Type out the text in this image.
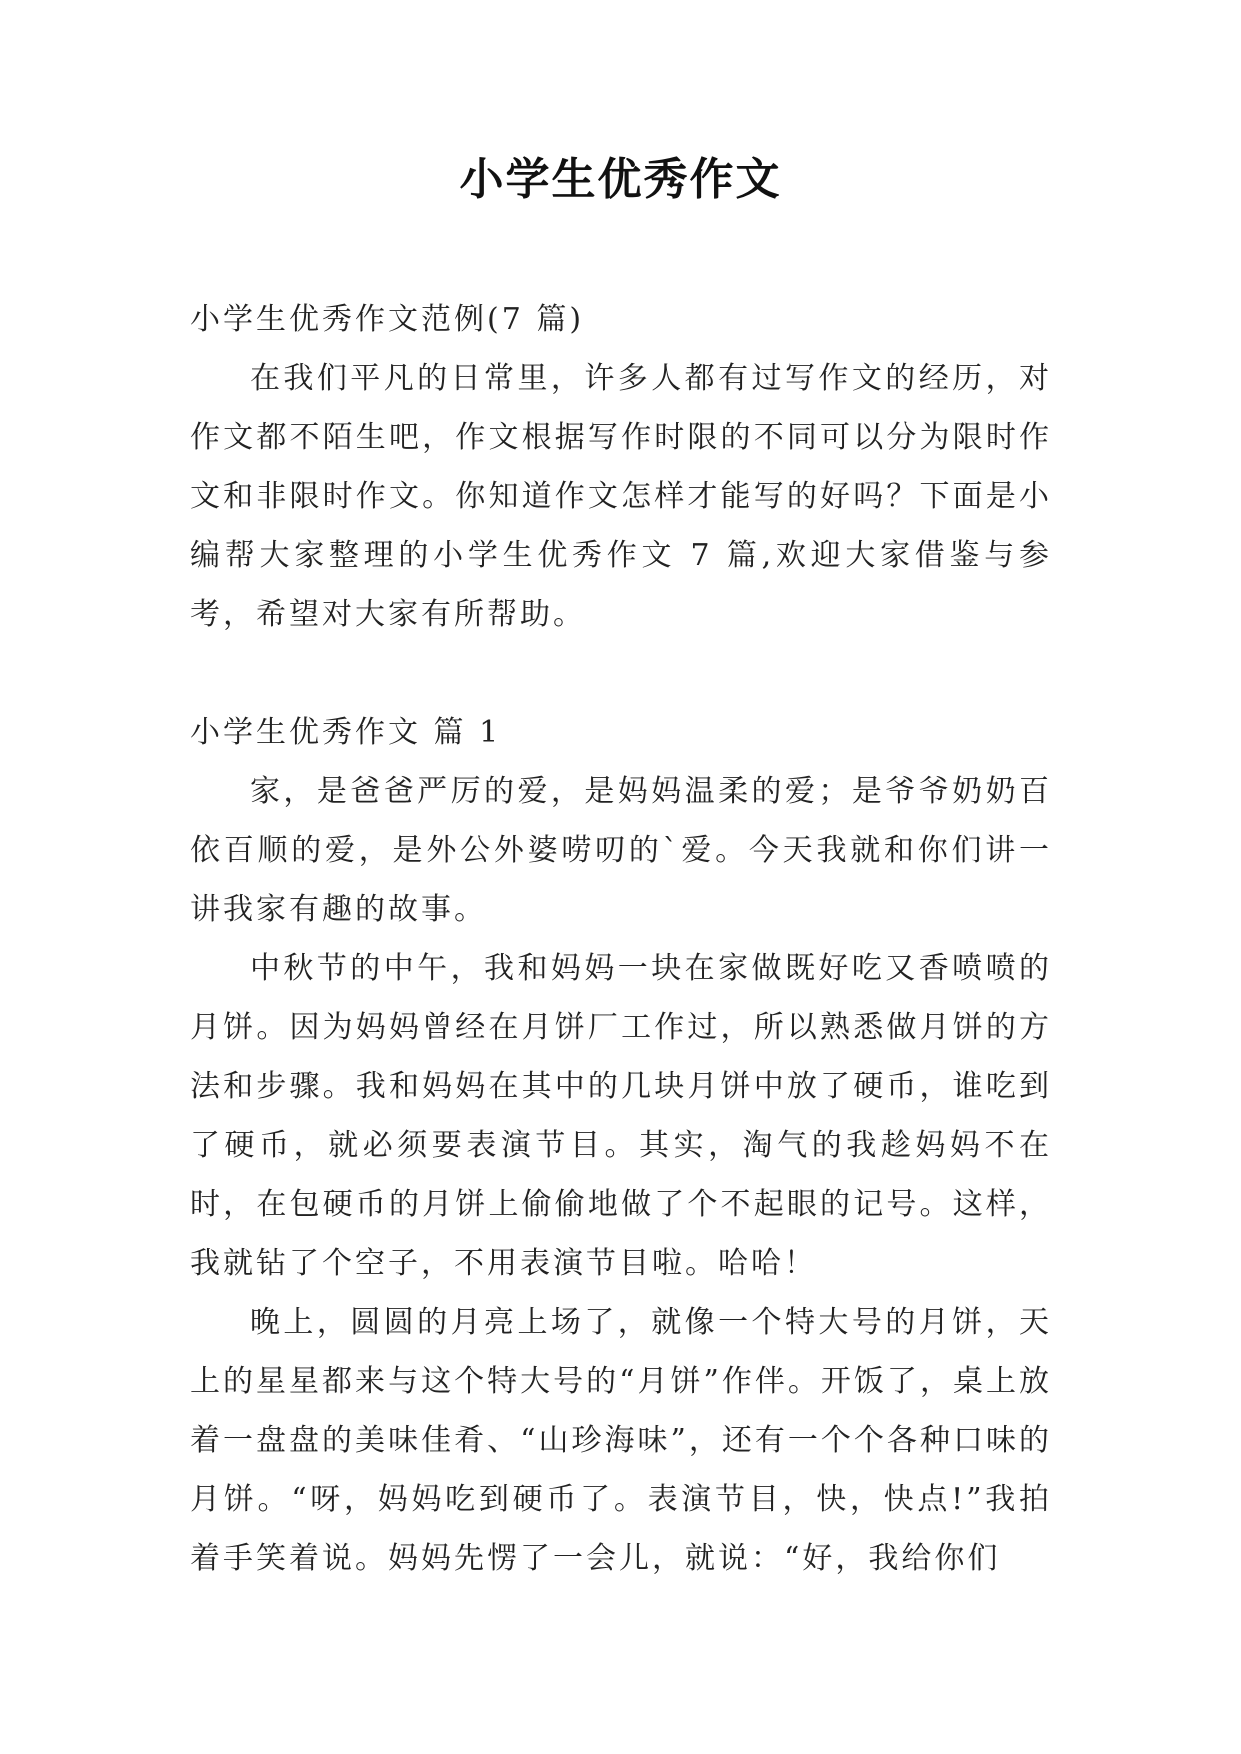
小学生优秀作文

小学生优秀作文范例(7 篇)

在我们平凡的日常里，许多人都有过写作文的经历，对作文都不陌生吧，作文根据写作时限的不同可以分为限时作文和非限时作文。你知道作文怎样才能写的好吗？下面是小编帮大家整理的小学生优秀作文 7 篇,欢迎大家借鉴与参考，希望对大家有所帮助。

小学生优秀作文 篇 1

家，是爸爸严厉的爱，是妈妈温柔的爱；是爷爷奶奶百依百顺的爱，是外公外婆唠叨的`爱。今天我就和你们讲一讲我家有趣的故事。

中秋节的中午，我和妈妈一块在家做既好吃又香喷喷的月饼。因为妈妈曾经在月饼厂工作过，所以熟悉做月饼的方法和步骤。我和妈妈在其中的几块月饼中放了硬币，谁吃到了硬币，就必须要表演节目。其实，淘气的我趁妈妈不在时，在包硬币的月饼上偷偷地做了个不起眼的记号。这样，我就钻了个空子，不用表演节目啦。哈哈！

晚上，圆圆的月亮上场了，就像一个特大号的月饼，天上的星星都来与这个特大号的“月饼”作伴。开饭了，桌上放着一盘盘的美味佳肴、“山珍海味”，还有一个个各种口味的月饼。“呀，妈妈吃到硬币了。表演节目，快，快点!”我拍着手笑着说。妈妈先愣了一会儿，就说：“好，我给你们
